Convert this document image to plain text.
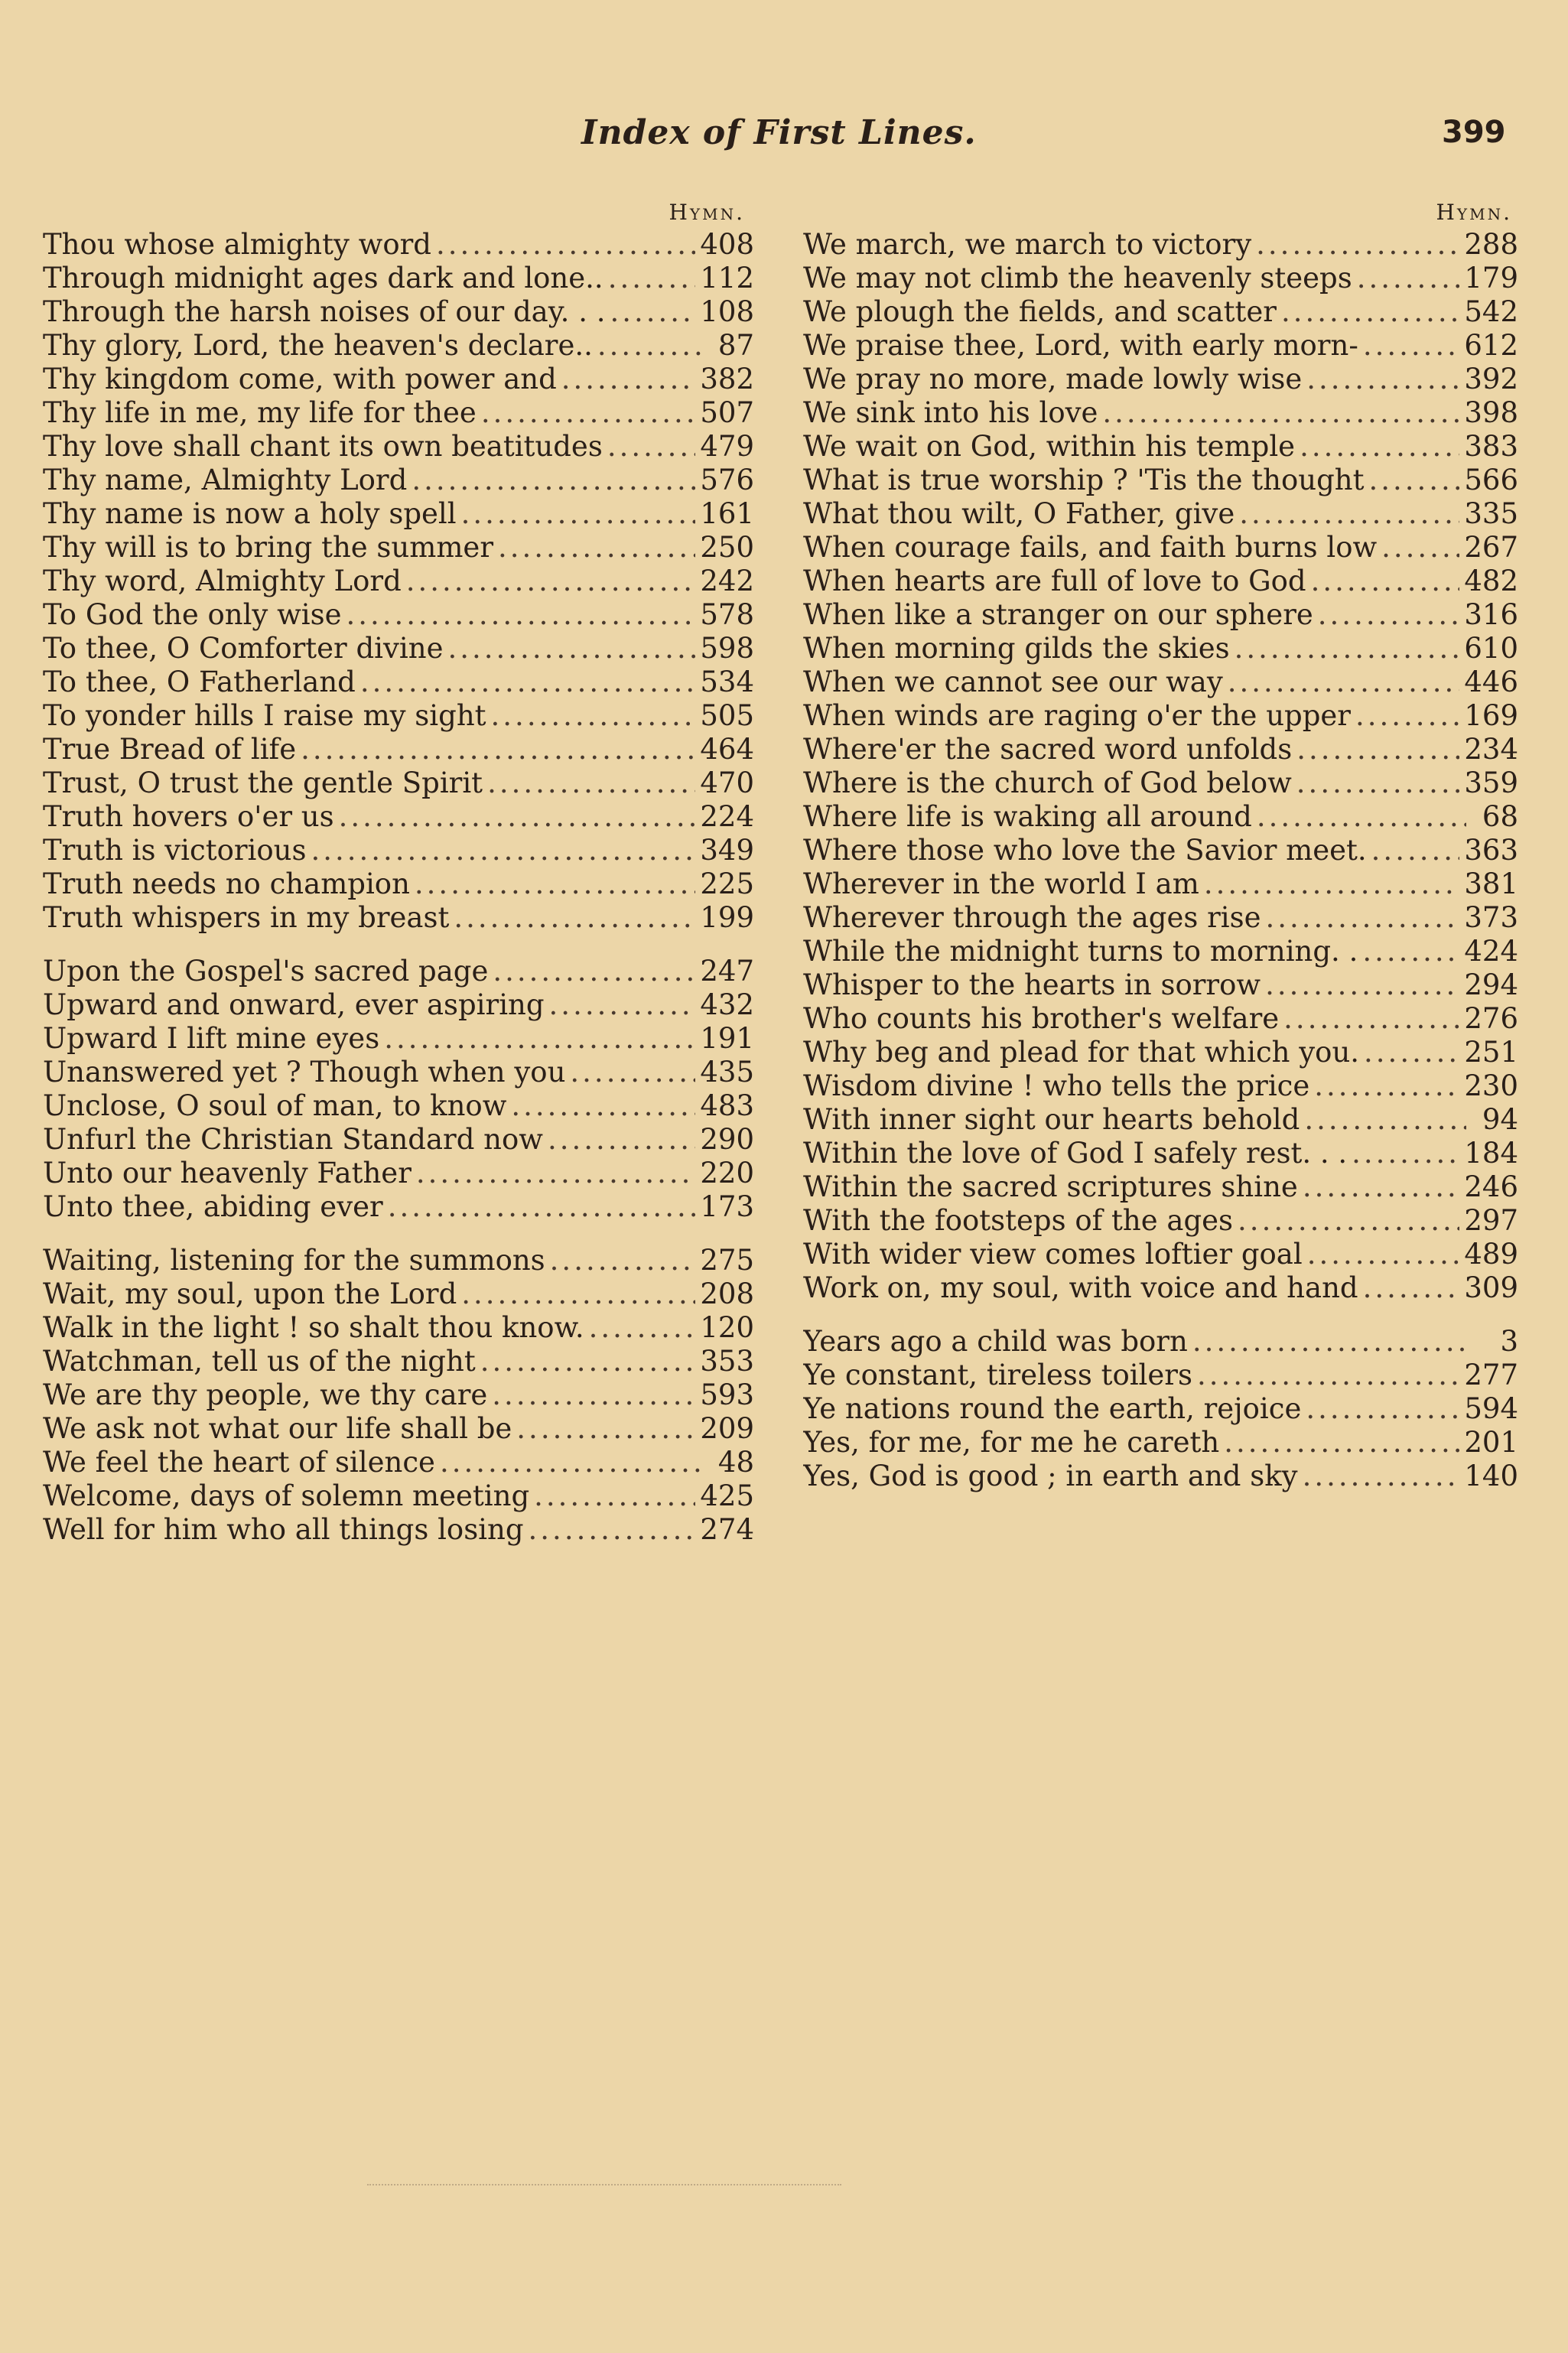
Index of First Lines.	399
Hymn.
Thou whose almighty word .....	408
Through midnight ages dark and lone.. .....	112
Through the harsh noises of our day. . . .....	108
Thy glory, Lord, the heaven's declare.. .....	87
Thy kingdom come, with power and .....	382
Thy life in me, my life for thee .....	507
Thy love shall chant its own beatitudes .....	479
Thy name, Almighty Lord .....	576
Thy name is now a holy spell .....	161
Thy will is to bring the summer .....	250
Thy word, Almighty Lord .....	242
To God the only wise .....	578
To thee, O Comforter divine .....	598
To thee, O Fatherland .....	534
To yonder hills I raise my sight .....	505
True Bread of life .....	464
Trust, O trust the gentle Spirit .....	470
Truth hovers o'er us .....	224
Truth is victorious .....	349
Truth needs no champion .....	225
Truth whispers in my breast .....	199
Upon the Gospel's sacred page .....	247
Upward and onward, ever aspiring .....	432
Upward I lift mine eyes .....	191
Unanswered yet ? Though when you .....	435
Unclose, O soul of man, to know .....	483
Unfurl the Christian Standard now .....	290
Unto our heavenly Father .....	220
Unto thee, abiding ever .....	173
Waiting, listening for the summons .....	275
Wait, my soul, upon the Lord .....	208
Walk in the light ! so shalt thou know. .....	120
Watchman, tell us of the night .....	353
We are thy people, we thy care .....	593
We ask not what our life shall be .....	209
We feel the heart of silence .....	48
Welcome, days of solemn meeting .....	425
Well for him who all things losing .....	274
Hymn.
We march, we march to victory .....	288
We may not climb the heavenly steeps .....	179
We plough the fields, and scatter .....	542
We praise thee, Lord, with early morn- .....	612
We pray no more, made lowly wise .....	392
We sink into his love .....	398
We wait on God, within his temple .....	383
What is true worship ? 'Tis the thought .....	566
What thou wilt, O Father, give .....	335
When courage fails, and faith burns low .....	267
When hearts are full of love to God .....	482
When like a stranger on our sphere .....	316
When morning gilds the skies .....	610
When we cannot see our way .....	446
When winds are raging o'er the upper .....	169
Where'er the sacred word unfolds .....	234
Where is the church of God below .....	359
Where life is waking all around .....	68
Where those who love the Savior meet. .....	363
Wherever in the world I am .....	381
Wherever through the ages rise .....	373
While the midnight turns to morning. . .....	424
Whisper to the hearts in sorrow .....	294
Who counts his brother's welfare .....	276
Why beg and plead for that which you. .....	251
Wisdom divine ! who tells the price .....	230
With inner sight our hearts behold .....	94
Within the love of God I safely rest. . . .....	184
Within the sacred scriptures shine .....	246
With the footsteps of the ages .....	297
With wider view comes loftier goal .....	489
Work on, my soul, with voice and hand .....	309
Years ago a child was born .....	3
Ye constant, tireless toilers .....	277
Ye nations round the earth, rejoice .....	594
Yes, for me, for me he careth .....	201
Yes, God is good ; in earth and sky .....	140
